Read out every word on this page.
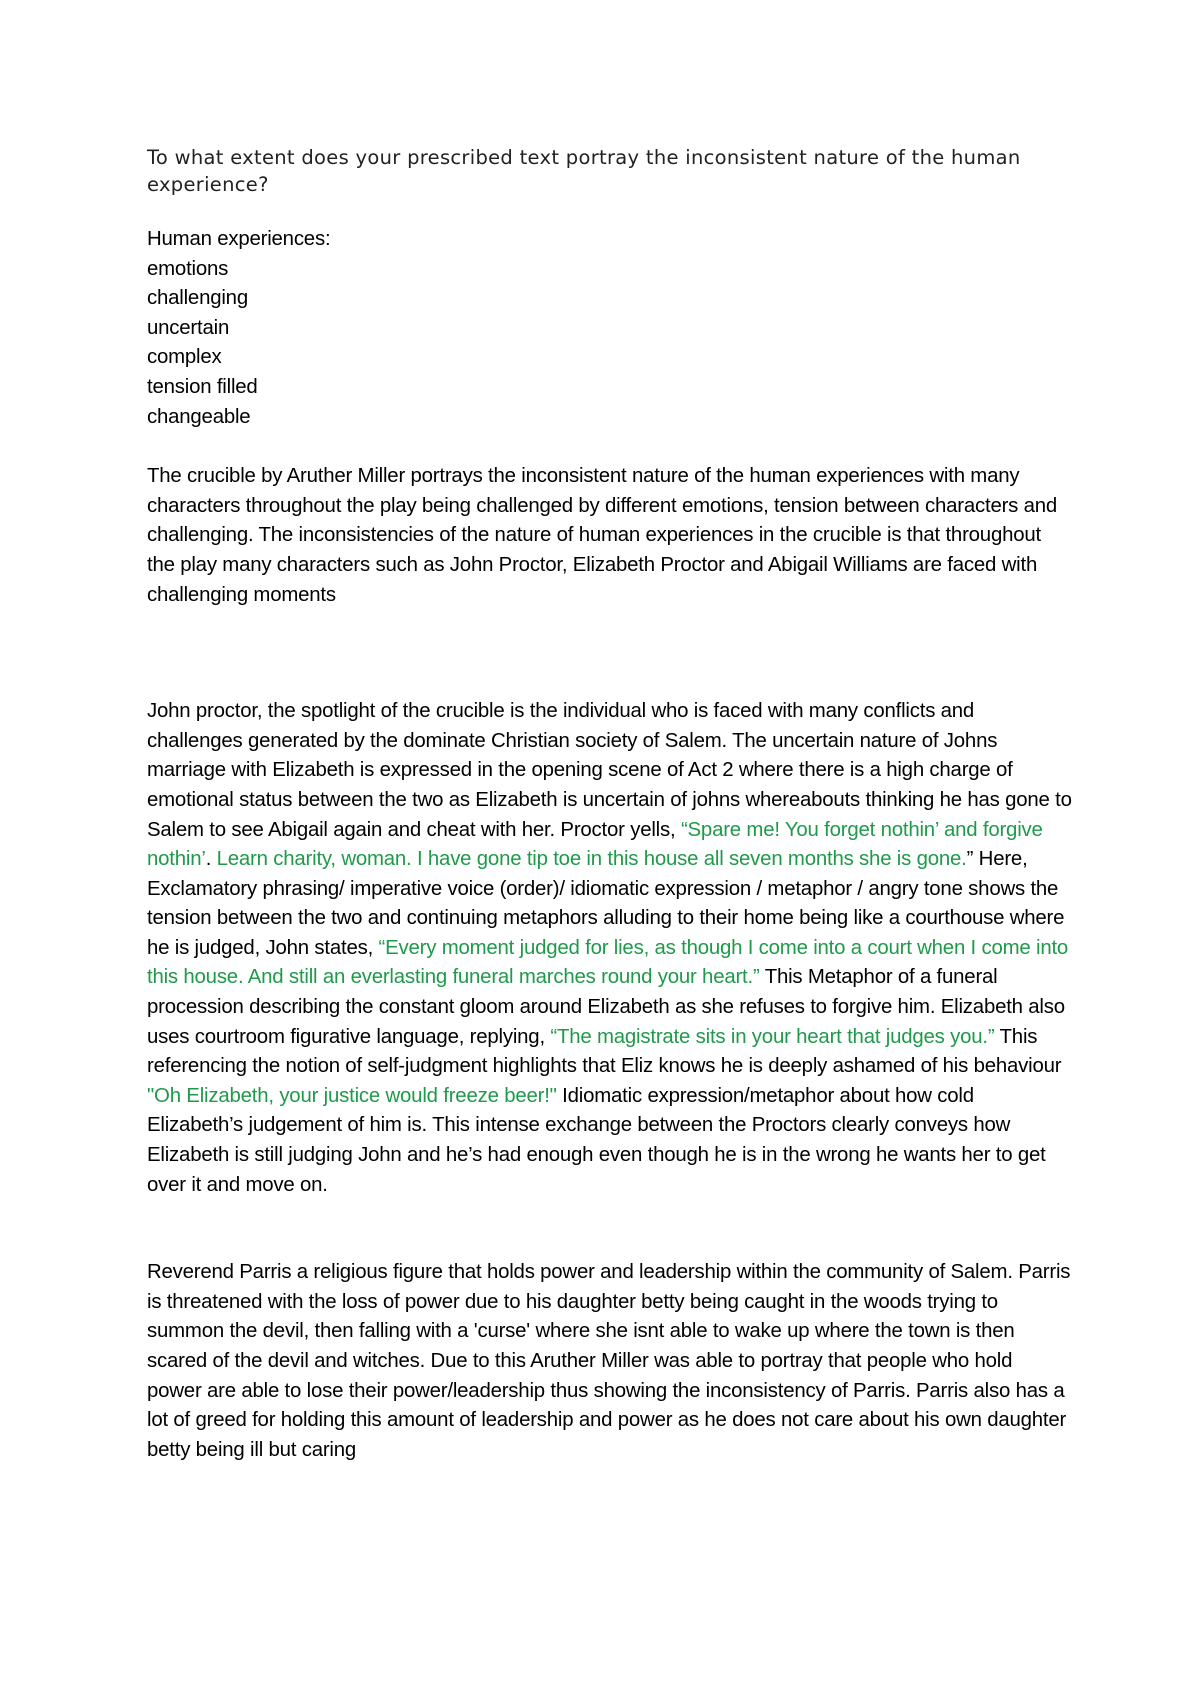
To what extent does your prescribed text portray the inconsistent nature of the human experience?

Human experiences:
emotions
challenging
uncertain
complex
tension filled
changeable

The crucible by Aruther Miller portrays the inconsistent nature of the human experiences with many characters throughout the play being challenged by different emotions, tension between characters and challenging. The inconsistencies of the nature of human experiences in the crucible is that throughout the play many characters such as John Proctor, Elizabeth Proctor and Abigail Williams are faced with challenging moments

John proctor, the spotlight of the crucible is the individual who is faced with many conflicts and challenges generated by the dominate Christian society of Salem. The uncertain nature of Johns marriage with Elizabeth is expressed in the opening scene of Act 2 where there is a high charge of emotional status between the two as Elizabeth is uncertain of johns whereabouts thinking he has gone to Salem to see Abigail again and cheat with her. Proctor yells, “Spare me! You forget nothin’ and forgive nothin’. Learn charity, woman. I have gone tip toe in this house all seven months she is gone.” Here, Exclamatory phrasing/ imperative voice (order)/ idiomatic expression / metaphor / angry tone shows the tension between the two and continuing metaphors alluding to their home being like a courthouse where he is judged, John states, “Every moment judged for lies, as though I come into a court when I come into this house. And still an everlasting funeral marches round your heart.” This Metaphor of a funeral procession describing the constant gloom around Elizabeth as she refuses to forgive him. Elizabeth also uses courtroom figurative language, replying, “The magistrate sits in your heart that judges you.” This referencing the notion of self-judgment highlights that Eliz knows he is deeply ashamed of his behaviour "Oh Elizabeth, your justice would freeze beer!" Idiomatic expression/metaphor about how cold Elizabeth’s judgement of him is. This intense exchange between the Proctors clearly conveys how Elizabeth is still judging John and he’s had enough even though he is in the wrong he wants her to get over it and move on.

Reverend Parris a religious figure that holds power and leadership within the community of Salem. Parris is threatened with the loss of power due to his daughter betty being caught in the woods trying to summon the devil, then falling with a 'curse' where she isnt able to wake up where the town is then scared of the devil and witches. Due to this Aruther Miller was able to portray that people who hold power are able to lose their power/leadership thus showing the inconsistency of Parris. Parris also has a lot of greed for holding this amount of leadership and power as he does not care about his own daughter betty being ill but caring
